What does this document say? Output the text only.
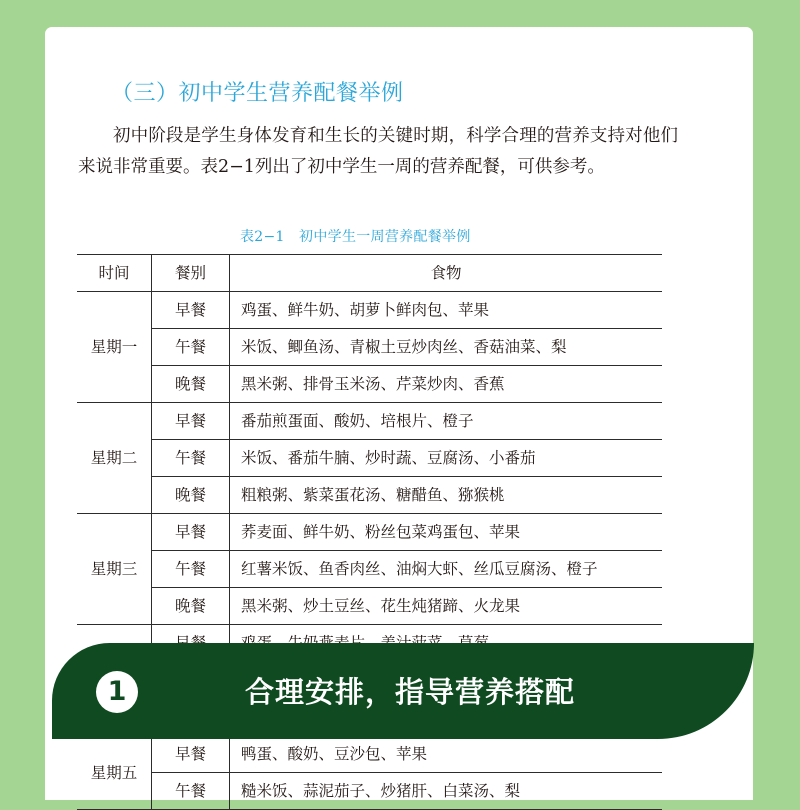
（三）初中学生营养配餐举例

初中阶段是学生身体发育和生长的关键时期，科学合理的营养支持对他们来说非常重要。表2−1列出了初中学生一周的营养配餐，可供参考。

表2−1　初中学生一周营养配餐举例
时间	餐别	食物
星期一	早餐	鸡蛋、鲜牛奶、胡萝卜鲜肉包、苹果
	午餐	米饭、鲫鱼汤、青椒土豆炒肉丝、香菇油菜、梨
	晚餐	黑米粥、排骨玉米汤、芹菜炒肉、香蕉
星期二	早餐	番茄煎蛋面、酸奶、培根片、橙子
	午餐	米饭、番茄牛腩、炒时蔬、豆腐汤、小番茄
	晚餐	粗粮粥、紫菜蛋花汤、糖醋鱼、猕猴桃
星期三	早餐	荞麦面、鲜牛奶、粉丝包菜鸡蛋包、苹果
	午餐	红薯米饭、鱼香肉丝、油焖大虾、丝瓜豆腐汤、橙子
	晚餐	黑米粥、炒土豆丝、花生炖猪蹄、火龙果

星期五	早餐	鸭蛋、酸奶、豆沙包、苹果
	午餐	糙米饭、蒜泥茄子、炒猪肝、白菜汤、梨
1	合理安排，指导营养搭配
